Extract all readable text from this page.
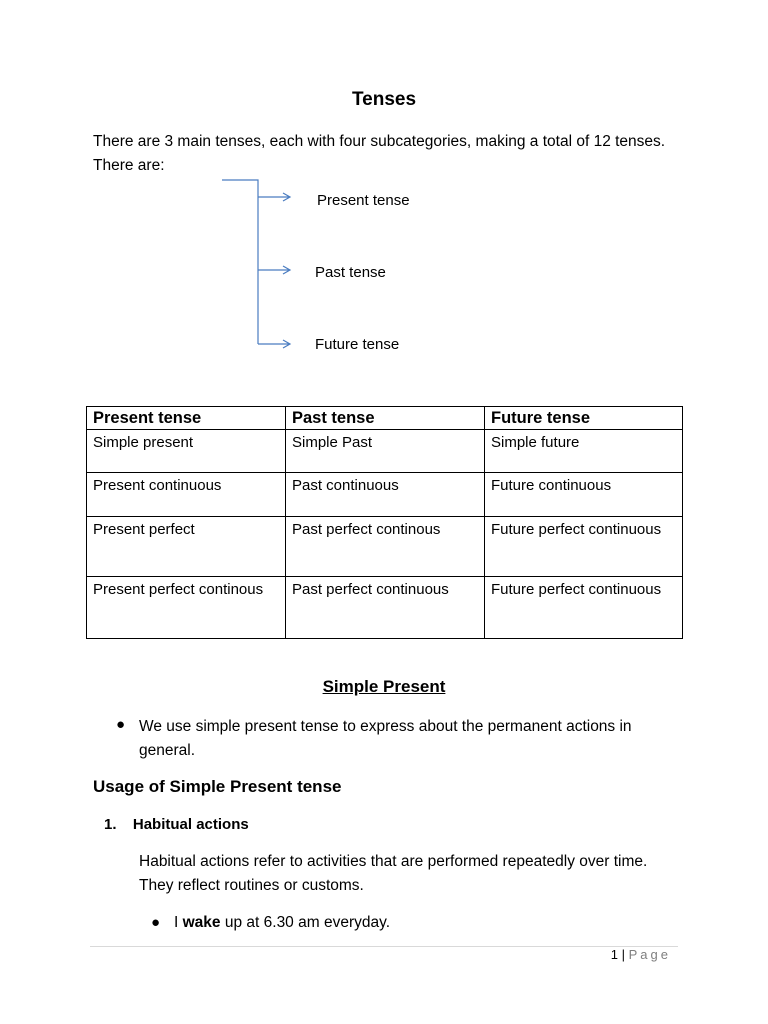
Tenses
There are 3 main tenses, each with four subcategories, making a total of 12 tenses. There are:
Present tense
Past tense
Future tense
Present tense	Past tense	Future tense
Simple present	Simple Past	Simple future
Present continuous	Past continuous	Future continuous
Present perfect	Past perfect continous	Future perfect continuous
Present perfect continous	Past perfect continuous	Future perfect continuous
Simple Present
● We use simple present tense to express about the permanent actions in general.
Usage of Simple Present tense
1. Habitual actions
Habitual actions refer to activities that are performed repeatedly over time. They reflect routines or customs.
● I wake up at 6.30 am everyday.
1 | Page
